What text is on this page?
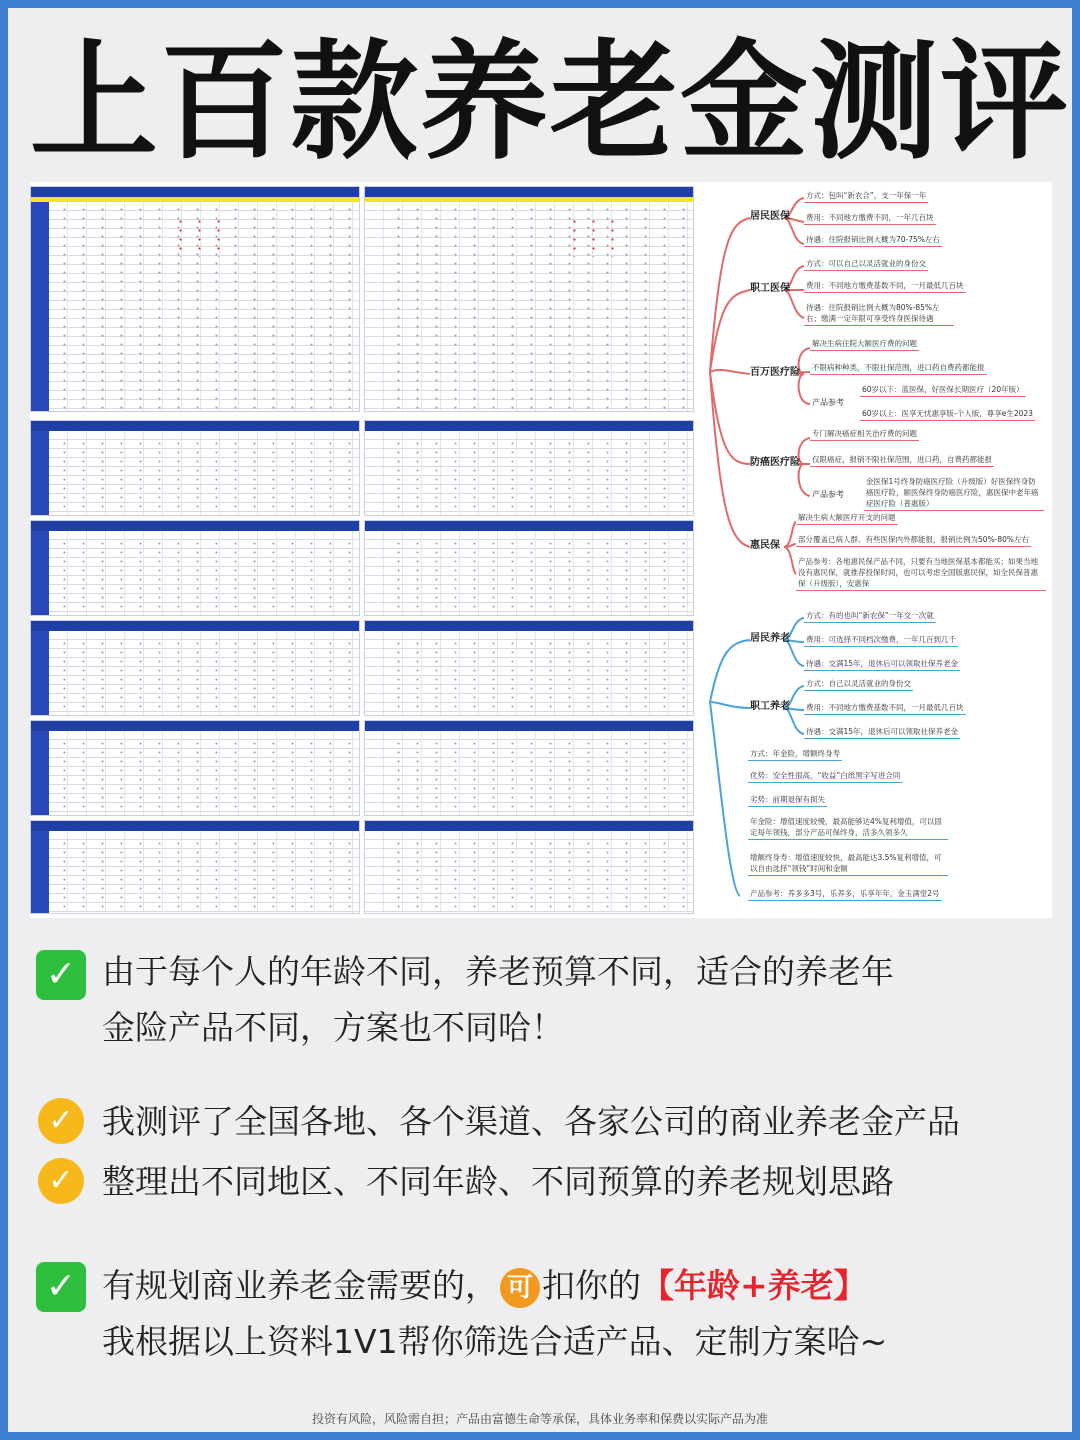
上百款养老金测评
居民医保
职工医保
百万医疗险
防癌医疗险
惠民保
方式：包叫“新农合”，支一年保一年
费用：不同地方缴费不同，一年几百块
待遇：住院报销比例大概为70-75%左右
方式：可以自己以灵活就业的身份交
费用：不同地方缴费基数不同，一月最低几百块
待遇：住院报销比例大概为80%-85%左右；缴满一定年限可享受终身医保待遇
解决生病住院大额医疗费的问题
不限病种种类，不限社保范围，进口药自费药都能报
产品参考
60岁以下：蓝医保，好医保长期医疗（20年版）
60岁以上：医享无忧惠享版-个人版，尊享e生2023
专门解决癌症相关治疗费的问题
仅限癌症，报销不限社保范围，进口药，自费药都能报
产品参考
金医保1号终身防癌医疗险（升级版）好医保终身防癌医疗险，颐医保终身防癌医疗险，惠医保中老年癌症医疗险（普惠版）
解决生病大额医疗开支的问题
部分覆盖已病人群、有些医保内外都能报，报销比例为50%-80%左右
产品参考：各地惠民保产品不同，只要有当地医保基本都能买；如果当地没有惠民保，就推荐投保时间，也可以考虑全国版惠民保，如全民保普惠保（升级版），安惠保
居民养老
职工养老
方式：有的也叫“新农保”一年交一次就
费用：可选择不同档次缴费，一年几百到几千
待遇：交满15年，退休后可以领取社保养老金
方式：自己以灵活就业的身份交
费用：不同地方缴费基数不同，一月最低几百块
待遇：交满15年，退休后可以领取社保养老金
方式：年金险，增额终身寿
优势：安全性很高，“收益”白纸黑字写进合同
劣势：前期退保有损失
年金险：增值速度较慢，最高能够达4%复利增值，可以固定每年领钱，部分产品可保终身，活多久领多久
增额终身寿：增值速度较快，最高能达3.5%复利增值，可以自由选择“领钱”时间和金额
产品参考：养多多3号，乐养多，乐享年年，金玉满堂2号
✓ 由于每个人的年龄不同，养老预算不同，适合的养老年
金险产品不同，方案也不同哈！
✓ 我测评了全国各地、各个渠道、各家公司的商业养老金产品
✓ 整理出不同地区、不同年龄、不同预算的养老规划思路
✓ 有规划商业养老金需要的， 可 扣你的【年龄+养老】
我根据以上资料1V1帮你筛选合适产品、定制方案哈~
投资有风险，风险需自担；产品由富德生命等承保，具体业务率和保费以实际产品为准
